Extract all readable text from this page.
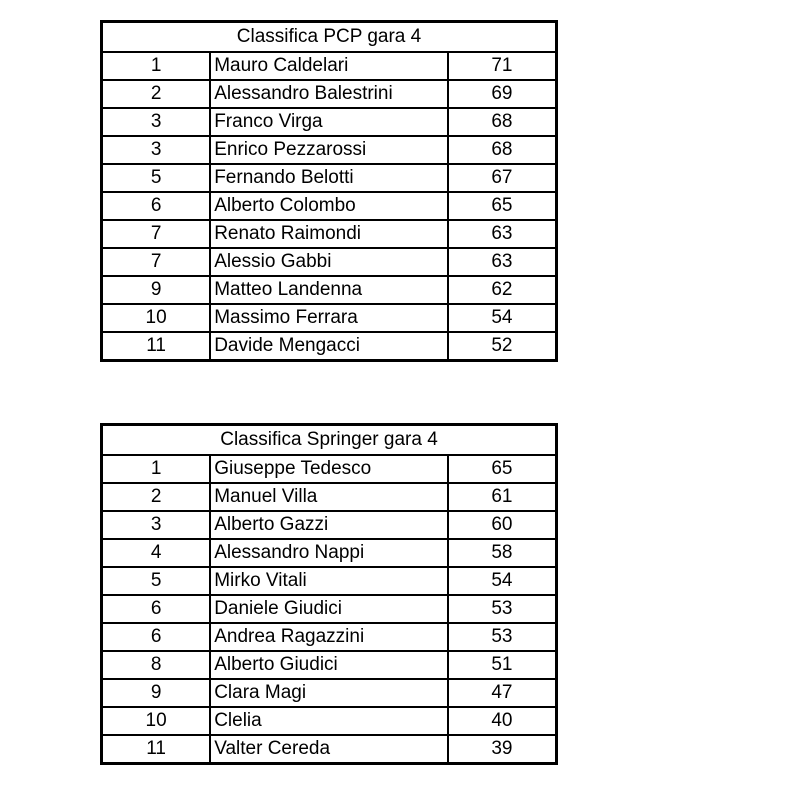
Classifica PCP gara 4		
1	Mauro Caldelari	71
2	Alessandro Balestrini	69
3	Franco Virga	68
3	Enrico Pezzarossi	68
5	Fernando Belotti	67
6	Alberto Colombo	65
7	Renato Raimondi	63
7	Alessio Gabbi	63
9	Matteo Landenna	62
10	Massimo Ferrara	54
11	Davide Mengacci	52
Classifica Springer gara 4		
1	Giuseppe Tedesco	65
2	Manuel Villa	61
3	Alberto Gazzi	60
4	Alessandro Nappi	58
5	Mirko Vitali	54
6	Daniele Giudici	53
6	Andrea Ragazzini	53
8	Alberto Giudici	51
9	Clara Magi	47
10	Clelia	40
11	Valter Cereda	39
